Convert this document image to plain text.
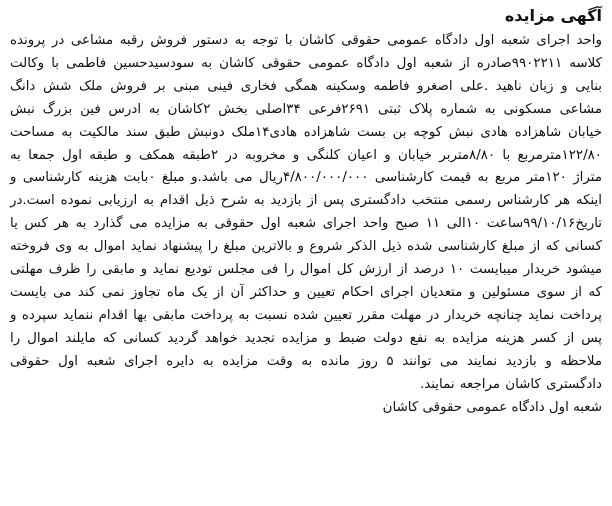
آگهی مزایده

واحد اجرای شعبه اول دادگاه عمومی حقوقی کاشان با توجه به دستور فروش رقبه مشاعی در پرونده کلاسه ۹۹۰۲۲۱۱صادره از شعبه اول دادگاه عمومی حقوقی کاشان به سودسیدحسین فاطمی با وکالت بنایی و زیان ناهید .علی اصغرو فاطمه وسکینه همگی فخاری فینی مبنی بر فروش ملک شش دانگ مشاعی مسکونی به شماره پلاک ثبتی ۲۶۹۱فرعی ۳۴اصلی بخش ۲کاشان به ادرس فین بزرگ نبش خیابان شاهزاده هادی نبش کوچه بن بست شاهزاده هادی۱۴ملک دونبش طبق سند مالکیت به مساحت ۱۲۲/۸۰مترمربع با ۸/۸۰متربر خیابان و اعیان کلنگی و مخروبه در ۲طبقه همکف و طبقه اول جمعا به متراژ ۱۲۰متر مربع به قیمت کارشناسی ۴/۸۰۰/۰۰۰/۰۰۰ریال می باشد.و مبلغ ۰بابت هزینه کارشناسی و اینکه هر کارشناس رسمی منتخب دادگستری پس از بازدید به شرح ذیل اقدام به ارزیابی نموده است.در تاریخ۹۹/۱۰/۱۶ساعت ۱۰الی ۱۱ صبح واحد اجرای شعبه اول حقوقی به مزایده می گذارد به هر کس یا کسانی که از مبلغ کارشناسی شده ذیل الذکر شروع و بالاترین مبلغ را پیشنهاد نماید اموال به وی فروخته میشود خریدار میبایست ۱۰ درصد از ارزش کل اموال را فی مجلس تودیع نماید و مابقی را ظرف مهلتی که از سوی مسئولین و متعدیان اجرای احکام تعیین و حداکثر آن از یک ماه تجاوز نمی کند می بایست پرداخت نماید چنانچه خریدار در مهلت مقرر تعیین شده نسبت به پرداخت مابقی بها اقدام ننماید سپرده و پس از کسر هزینه مزایده به نفع دولت ضبط و مزایده تجدید خواهد گردید کسانی که مایلند اموال را ملاحظه و بازدید نمایند می توانند ۵ روز مانده به وقت مزایده به دایره اجرای شعبه اول حقوقی دادگستری کاشان مراجعه نمایند.

شعبه اول دادگاه عمومی حقوقی کاشان
